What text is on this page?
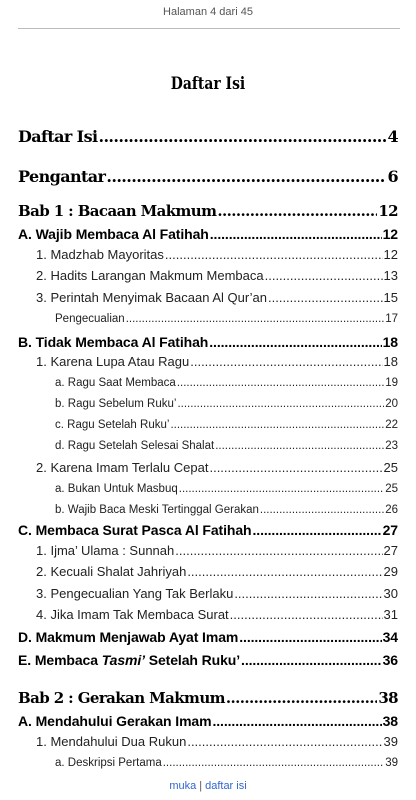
Halaman 4 dari 45
Daftar Isi
Daftar Isi .....	4
Pengantar .....	6
Bab 1 : Bacaan Makmum .....	12
A. Wajib Membaca Al Fatihah .....	12
1. Madzhab Mayoritas .....	12
2. Hadits Larangan Makmum Membaca .....	13
3. Perintah Menyimak Bacaan Al Qur’an .....	15
Pengecualian .....	17
B. Tidak Membaca Al Fatihah .....	18
1. Karena Lupa Atau Ragu .....	18
a. Ragu Saat Membaca .....	19
b. Ragu Sebelum Ruku’ .....	20
c. Ragu Setelah Ruku’ .....	22
d. Ragu Setelah Selesai Shalat .....	23
2. Karena Imam Terlalu Cepat .....	25
a. Bukan Untuk Masbuq .....	25
b. Wajib Baca Meski Tertinggal Gerakan .....	26
C. Membaca Surat Pasca Al Fatihah .....	27
1. Ijma’ Ulama : Sunnah .....	27
2. Kecuali Shalat Jahriyah .....	29
3. Pengecualian Yang Tak Berlaku .....	30
4. Jika Imam Tak Membaca Surat .....	31
D. Makmum Menjawab Ayat Imam .....	34
E. Membaca Tasmi’ Setelah Ruku’ .....	36
Bab 2 : Gerakan Makmum .....	38
A. Mendahului Gerakan Imam .....	38
1. Mendahului Dua Rukun .....	39
a. Deskripsi Pertama .....	39
muka | daftar isi
